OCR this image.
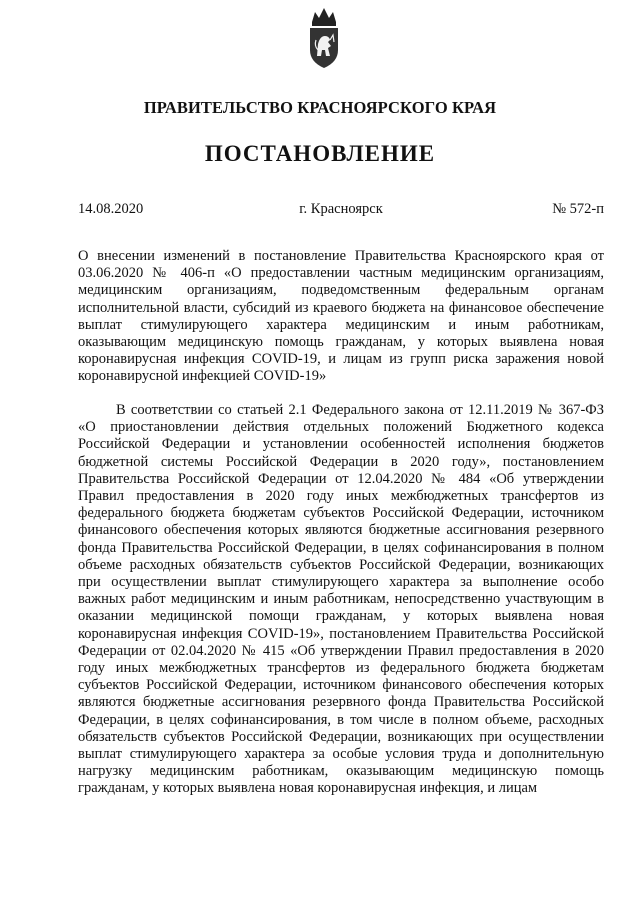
ПРАВИТЕЛЬСТВО КРАСНОЯРСКОГО КРАЯ
ПОСТАНОВЛЕНИЕ
14.08.2020	г. Красноярск	№ 572-п

О внесении изменений в постановление Правительства Красноярского края от 03.06.2020 № 406-п «О предоставлении частным медицинским организациям, медицинским организациям, подведомственным федеральным органам исполнительной власти, субсидий из краевого бюджета на финансовое обеспечение выплат стимулирующего характера медицинским и иным работникам, оказывающим медицинскую помощь гражданам, у которых выявлена новая коронавирусная инфекция COVID-19, и лицам из групп риска заражения новой коронавирусной инфекцией COVID-19»

В соответствии со статьей 2.1 Федерального закона от 12.11.2019 № 367-ФЗ «О приостановлении действия отдельных положений Бюджетного кодекса Российской Федерации и установлении особенностей исполнения бюджетов бюджетной системы Российской Федерации в 2020 году», постановлением Правительства Российской Федерации от 12.04.2020 № 484 «Об утверждении Правил предоставления в 2020 году иных межбюджетных трансфертов из федерального бюджета бюджетам субъектов Российской Федерации, источником финансового обеспечения которых являются бюджетные ассигнования резервного фонда Правительства Российской Федерации, в целях софинансирования в полном объеме расходных обязательств субъектов Российской Федерации, возникающих при осуществлении выплат стимулирующего характера за выполнение особо важных работ медицинским и иным работникам, непосредственно участвующим в оказании медицинской помощи гражданам, у которых выявлена новая коронавирусная инфекция COVID-19», постановлением Правительства Российской Федерации от 02.04.2020 № 415 «Об утверждении Правил предоставления в 2020 году иных межбюджетных трансфертов из федерального бюджета бюджетам субъектов Российской Федерации, источником финансового обеспечения которых являются бюджетные ассигнования резервного фонда Правительства Российской Федерации, в целях софинансирования, в том числе в полном объеме, расходных обязательств субъектов Российской Федерации, возникающих при осуществлении выплат стимулирующего характера за особые условия труда и дополнительную нагрузку медицинским работникам, оказывающим медицинскую помощь гражданам, у которых выявлена новая коронавирусная инфекция, и лицам
